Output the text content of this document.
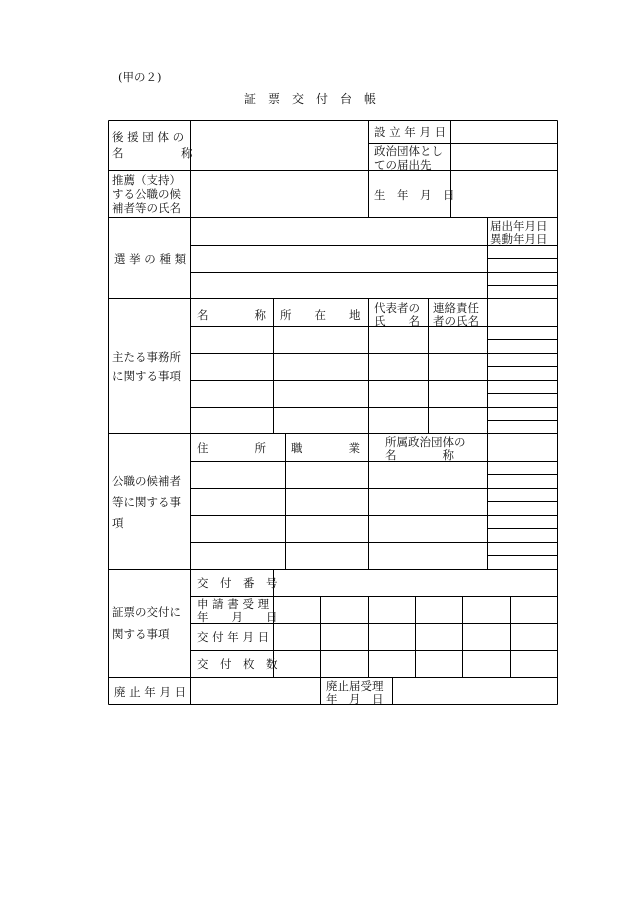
(甲の２)
証　票　交　付　台　帳
後 援 団 体 の
名　　　　　称
設 立 年 月 日
政治団体とし
ての届出先
推薦（支持）
する公職の候
補者等の氏名
生　年　月　日
選 挙 の 種 類
届出年月日
異動年月日
主たる事務所
に関する事項
名　　　　称 所　　在　　地 代表者の
氏　　名
連絡責任
者の氏名
公職の候補者
等に関する事
項
住　　　　所 職　　　　業 所属政治団体の
名　　　　称
証票の交付に
関する事項
交　付　番　号
申 請 書 受 理
年　　月　　日
交 付 年 月 日
交　付　枚　数
廃 止 年 月 日	廃止届受理
年　月　日
